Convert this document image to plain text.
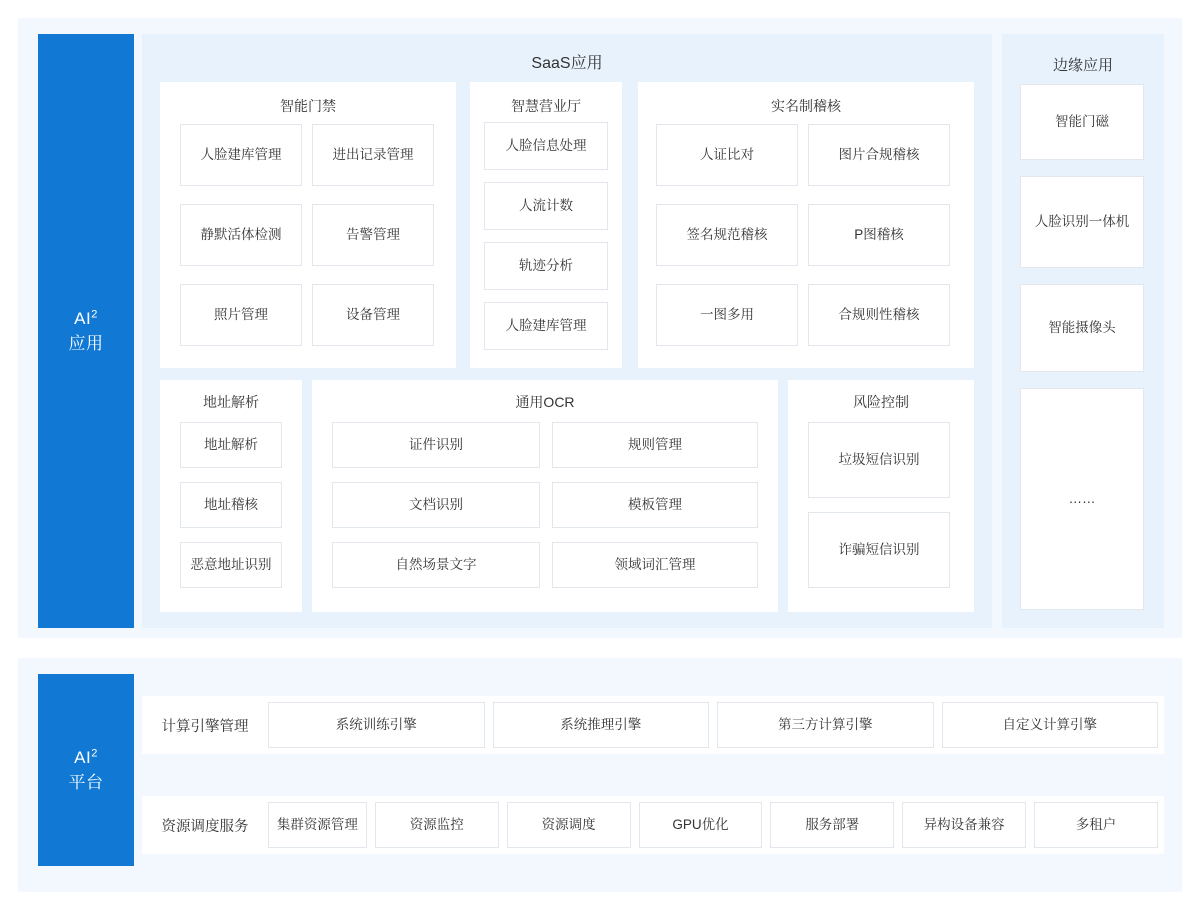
$AI^2$
应用
SaaS应用
智能门禁
人脸建库管理	进出记录管理
静默活体检测	告警管理
照片管理	设备管理
智慧营业厅
人脸信息处理
人流计数
轨迹分析
人脸建库管理
实名制稽核
人证比对	图片合规稽核
签名规范稽核	P图稽核
一图多用	合规则性稽核
地址解析
地址解析
地址稽核
恶意地址识别
通用OCR
证件识别	规则管理
文档识别	模板管理
自然场景文字	领域词汇管理
风险控制
垃圾短信识别
诈骗短信识别
边缘应用
智能门磁
人脸识别一体机
智能摄像头
……
$AI^2$
平台
计算引擎管理	系统训练引擎	系统推理引擎	第三方计算引擎	自定义计算引擎
资源调度服务	集群资源管理	资源监控	资源调度	GPU优化	服务部署	异构设备兼容	多租户
